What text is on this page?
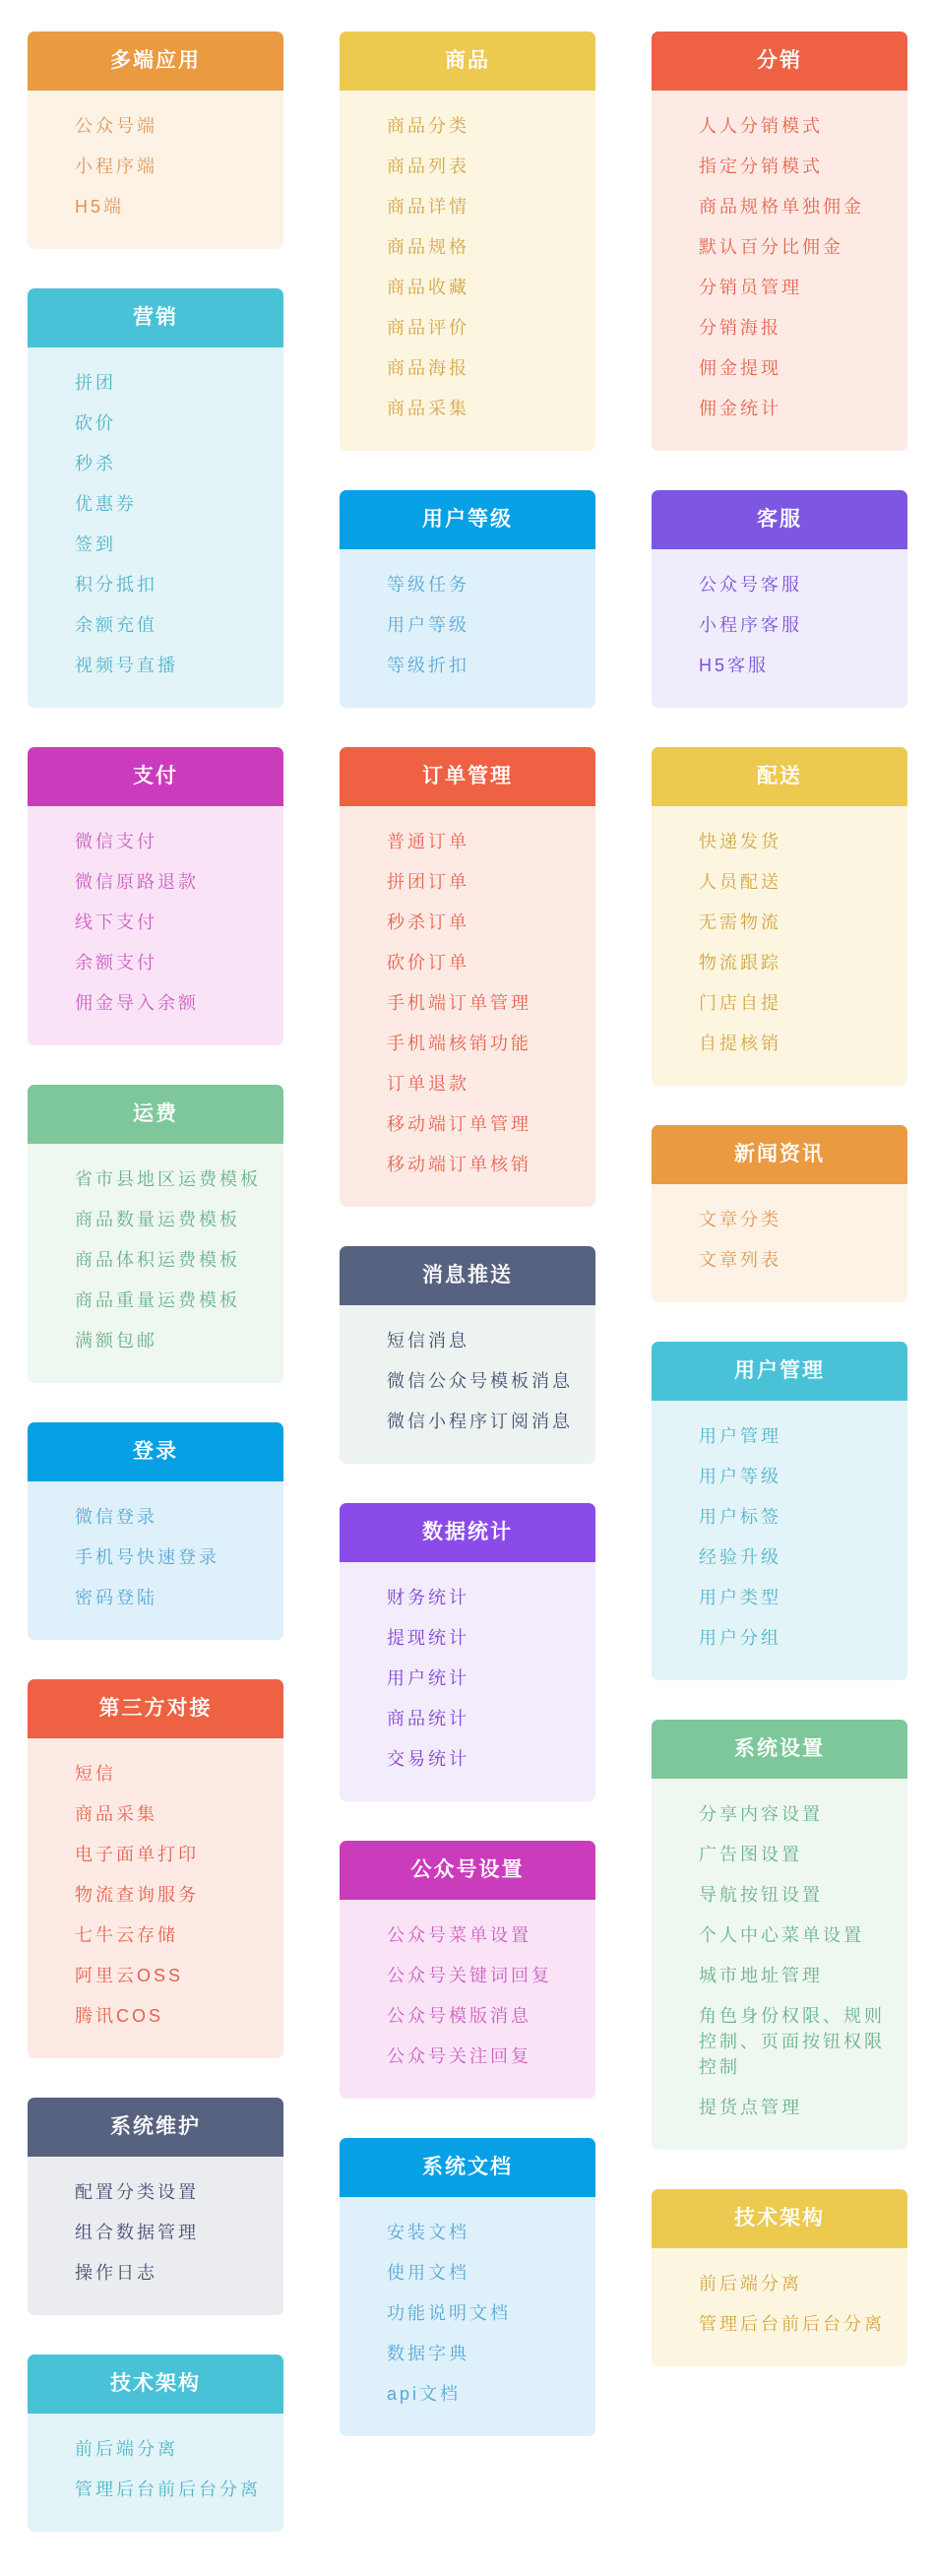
多端应用
公众号端
小程序端
H5端
营销
拼团
砍价
秒杀
优惠券
签到
积分抵扣
余额充值
视频号直播
支付
微信支付
微信原路退款
线下支付
余额支付
佣金导入余额
运费
省市县地区运费模板
商品数量运费模板
商品体积运费模板
商品重量运费模板
满额包邮
登录
微信登录
手机号快速登录
密码登陆
第三方对接
短信
商品采集
电子面单打印
物流查询服务
七牛云存储
阿里云OSS
腾讯COS
系统维护
配置分类设置
组合数据管理
操作日志
技术架构
前后端分离
管理后台前后台分离
商品
商品分类
商品列表
商品详情
商品规格
商品收藏
商品评价
商品海报
商品采集
用户等级
等级任务
用户等级
等级折扣
订单管理
普通订单
拼团订单
秒杀订单
砍价订单
手机端订单管理
手机端核销功能
订单退款
移动端订单管理
移动端订单核销
消息推送
短信消息
微信公众号模板消息
微信小程序订阅消息
数据统计
财务统计
提现统计
用户统计
商品统计
交易统计
公众号设置
公众号菜单设置
公众号关键词回复
公众号模版消息
公众号关注回复
系统文档
安装文档
使用文档
功能说明文档
数据字典
api文档
分销
人人分销模式
指定分销模式
商品规格单独佣金
默认百分比佣金
分销员管理
分销海报
佣金提现
佣金统计
客服
公众号客服
小程序客服
H5客服
配送
快递发货
人员配送
无需物流
物流跟踪
门店自提
自提核销
新闻资讯
文章分类
文章列表
用户管理
用户管理
用户等级
用户标签
经验升级
用户类型
用户分组
系统设置
分享内容设置
广告图设置
导航按钮设置
个人中心菜单设置
城市地址管理
角色身份权限、规则控制、页面按钮权限控制
提货点管理
技术架构
前后端分离
管理后台前后台分离
